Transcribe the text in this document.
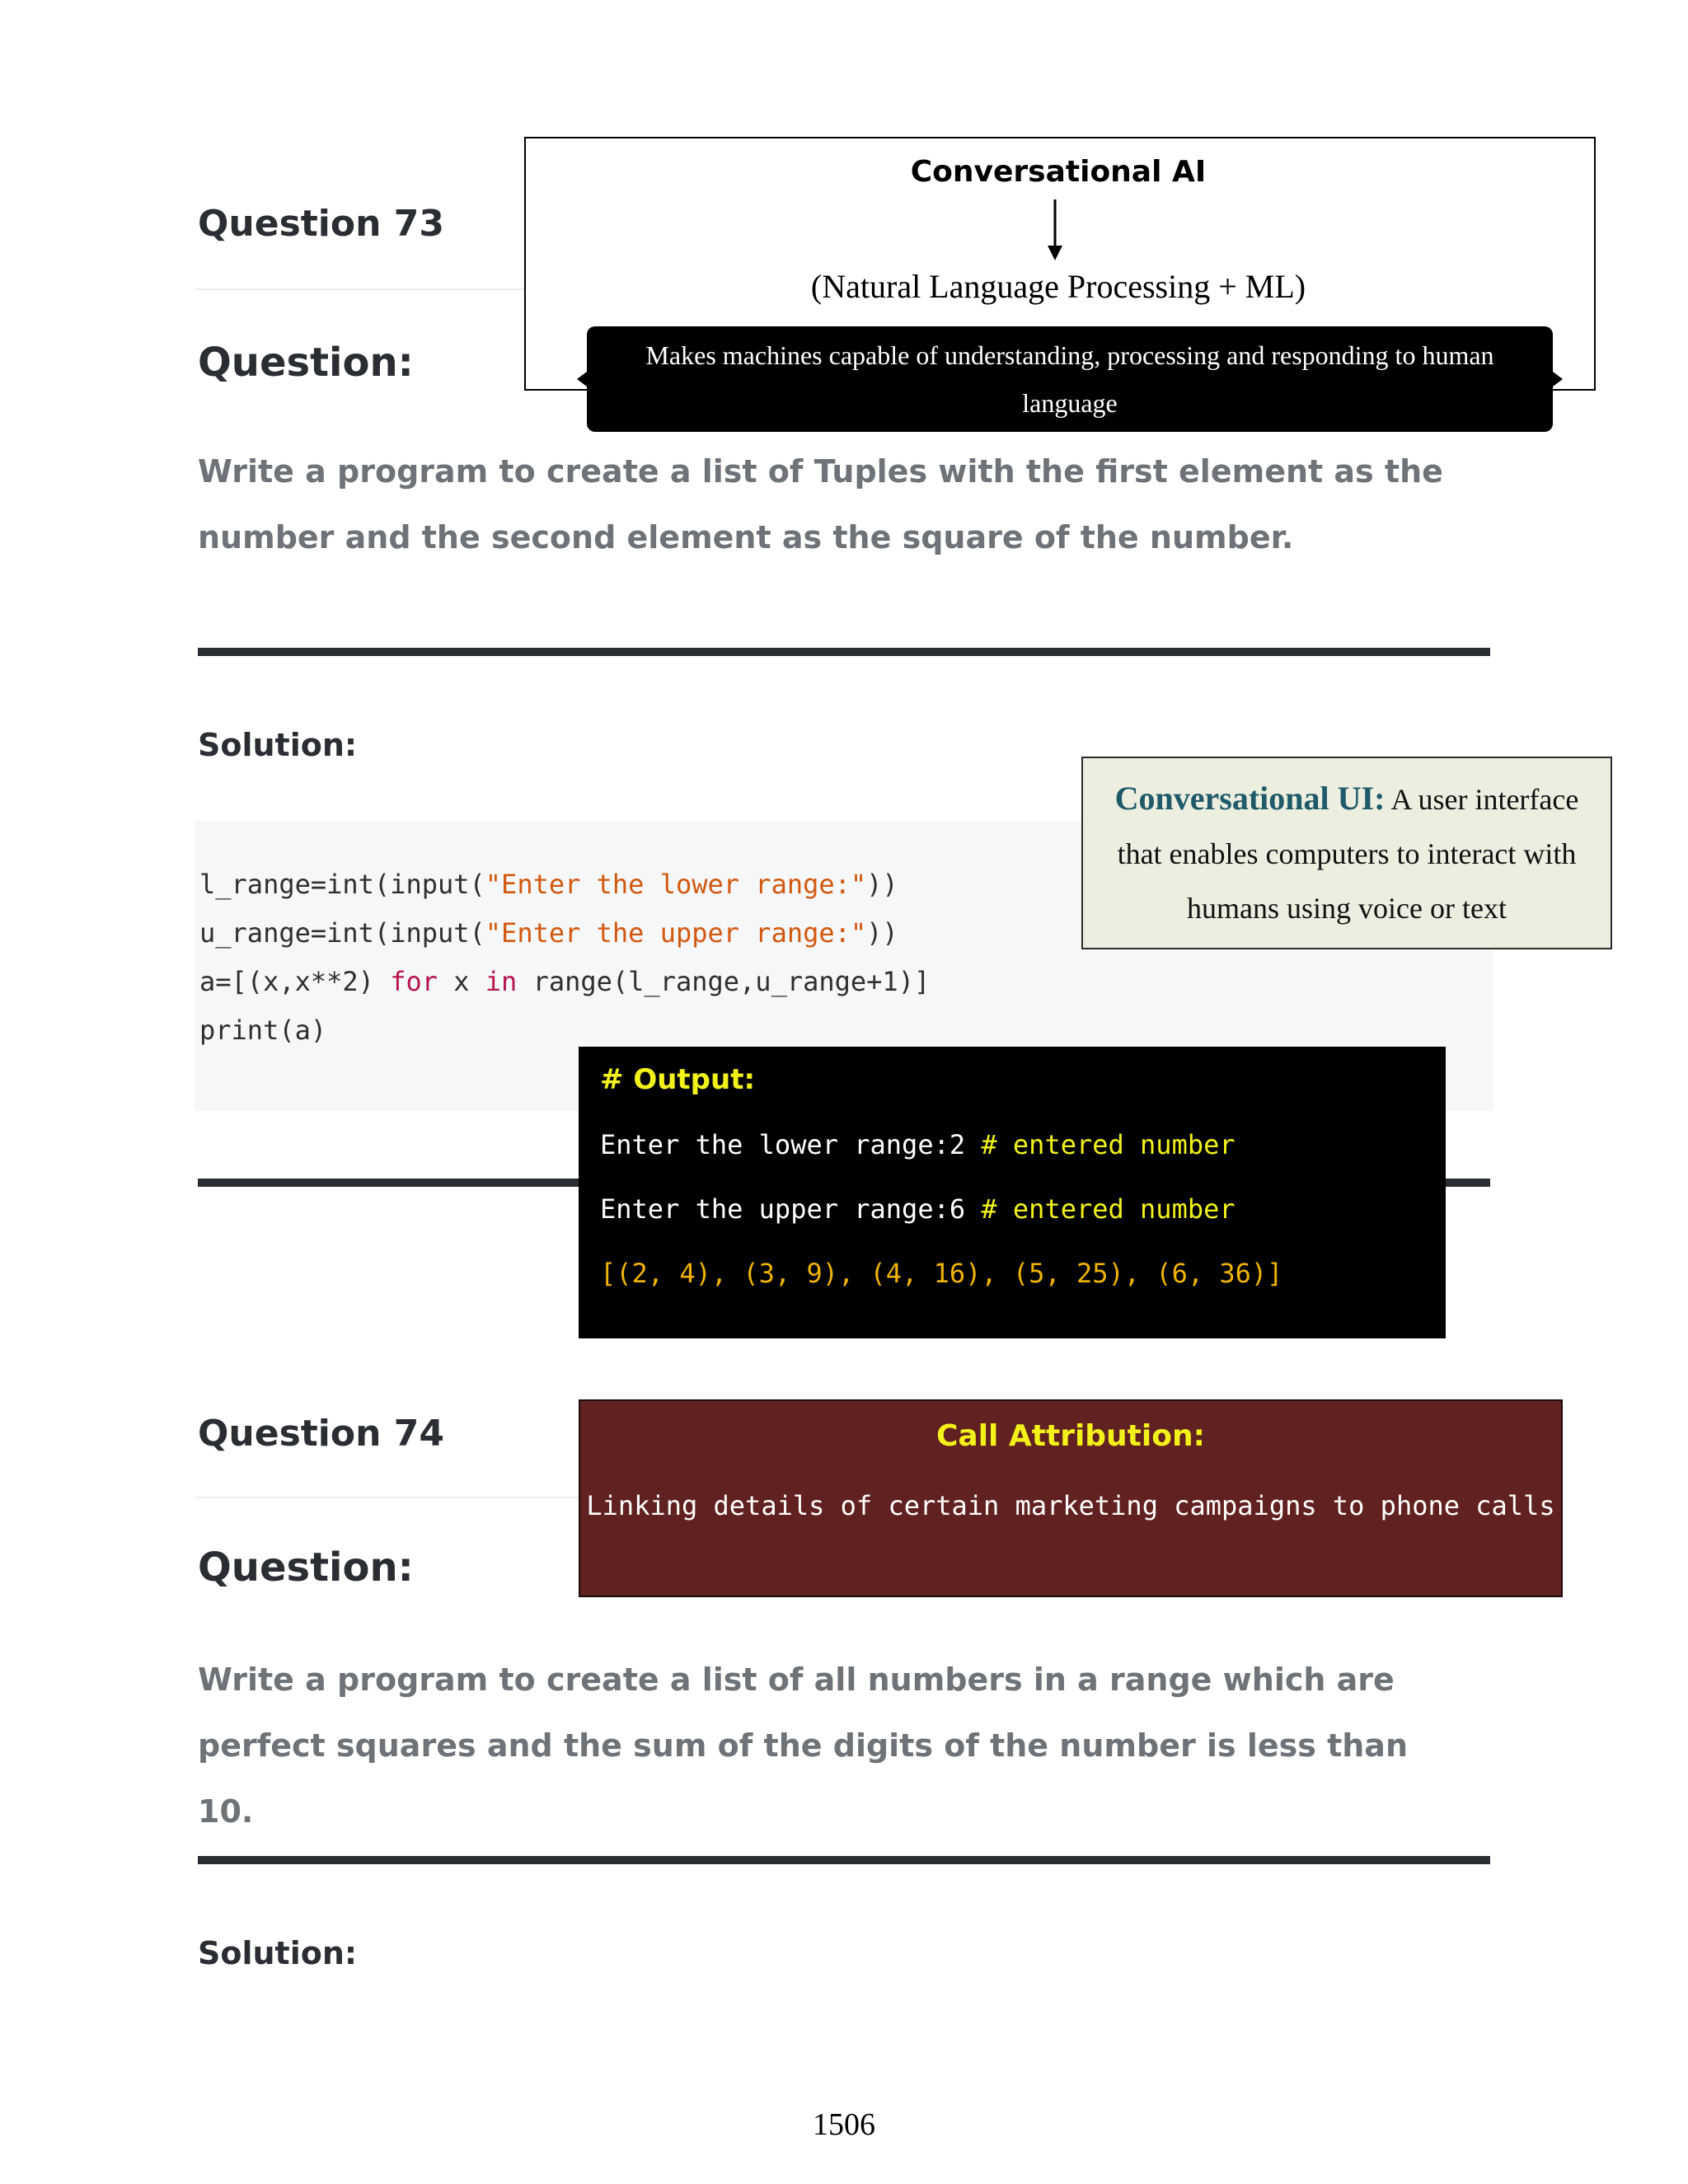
Question 73
Question:
Write a program to create a list of Tuples with the first element as the number and the second element as the square of the number.
Solution:
l_range=int(input("Enter the lower range:"))
u_range=int(input("Enter the upper range:"))
a=[(x,x**2) for x in range(l_range,u_range+1)]
print(a)
Conversational AI
(Natural Language Processing + ML)
Makes machines capable of understanding, processing and responding to human language
Conversational UI: A user interface that enables computers to interact with humans using voice or text
# Output:
Enter the lower range:2 # entered number
Enter the upper range:6 # entered number
[(2, 4), (3, 9), (4, 16), (5, 25), (6, 36)]
Question 74
Question:
Write a program to create a list of all numbers in a range which are perfect squares and the sum of the digits of the number is less than 10.
Solution:
Call Attribution:
Linking details of certain marketing campaigns to phone calls
1506
